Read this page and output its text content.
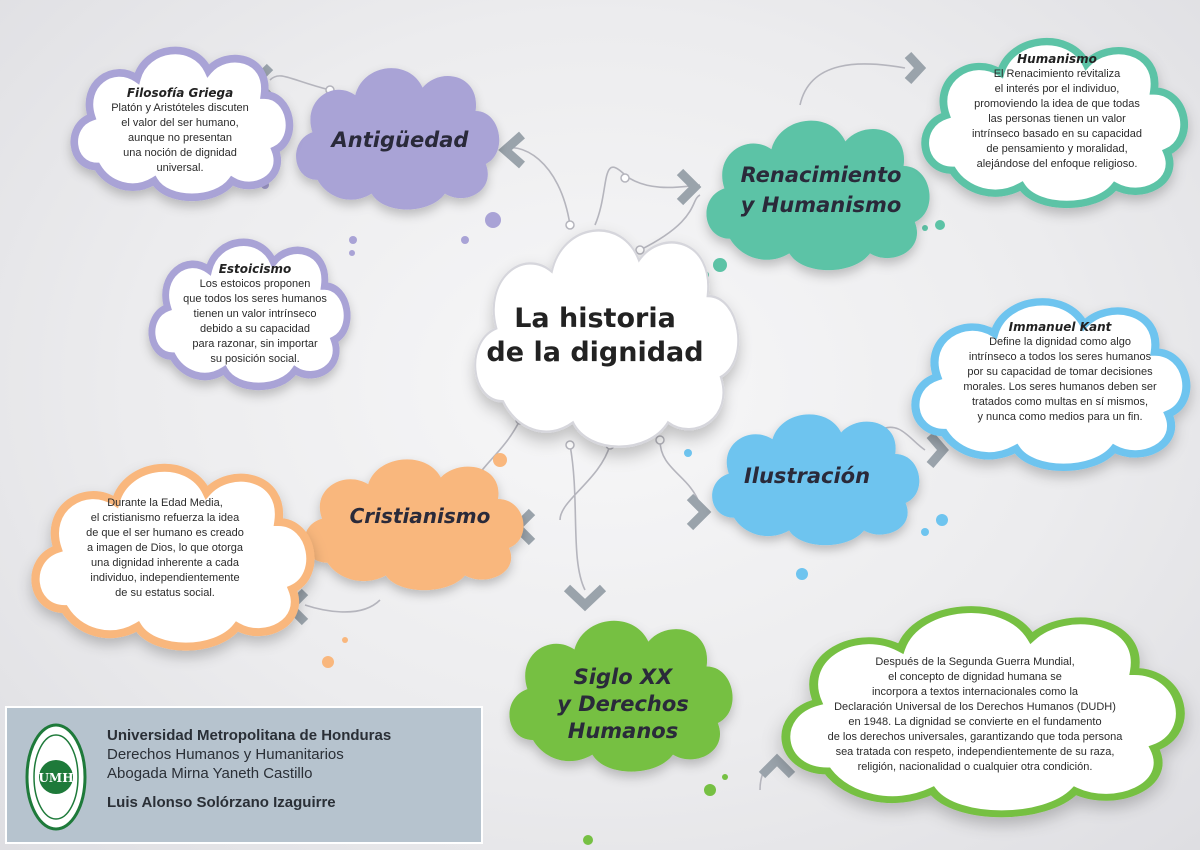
La historia
de la dignidad
Antigüedad
Renacimiento
y Humanismo
Ilustración
Cristianismo
Siglo XX
y Derechos
Humanos
Filosofía Griega
Platón y Aristóteles discuten
el valor del ser humano,
aunque no presentan
una noción de dignidad
universal.
Estoicismo
Los estoicos proponen
que todos los seres humanos
tienen un valor intrínseco
debido a su capacidad
para razonar, sin importar
su posición social.
Humanismo
El Renacimiento revitaliza
el interés por el individuo,
promoviendo la idea de que todas
las personas tienen un valor
intrínseco basado en su capacidad
de pensamiento y moralidad,
alejándose del enfoque religioso.
Immanuel Kant
Define la dignidad como algo
intrínseco a todos los seres humanos
por su capacidad de tomar decisiones
morales. Los seres humanos deben ser
tratados como multas en sí mismos,
y nunca como medios para un fin.
Durante la Edad Media,
el cristianismo refuerza la idea
de que el ser humano es creado
a imagen de Dios, lo que otorga
una dignidad inherente a cada
individuo, independientemente
de su estatus social.
Después de la Segunda Guerra Mundial,
el concepto de dignidad humana se
incorpora a textos internacionales como la
Declaración Universal de los Derechos Humanos (DUDH)
en 1948. La dignidad se convierte en el fundamento
de los derechos universales, garantizando que toda persona
sea tratada con respeto, independientemente de su raza,
religión, nacionalidad o cualquier otra condición.
UMH
Universidad Metropolitana de Honduras
Derechos Humanos y Humanitarios
Abogada Mirna Yaneth Castillo
Luis Alonso Solórzano Izaguirre
